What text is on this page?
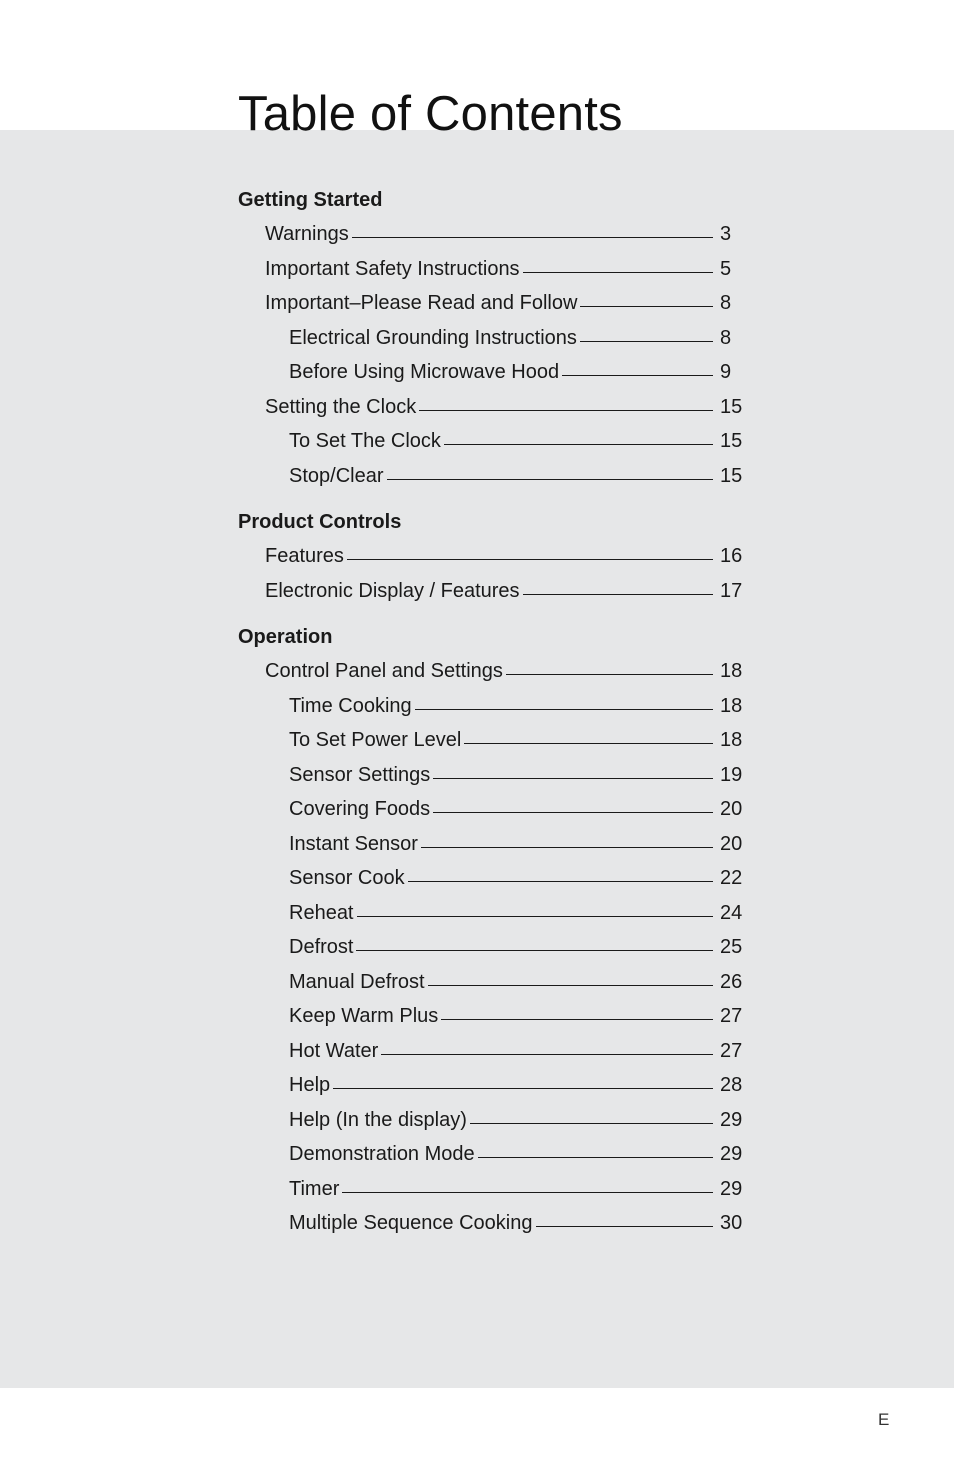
Table of Contents
Getting Started
Warnings	3
Important Safety Instructions	5
Important–Please Read and Follow	8
Electrical Grounding Instructions	8
Before Using Microwave Hood	9
Setting the Clock	15
To Set The Clock	15
Stop/Clear	15
Product Controls
Features	16
Electronic Display / Features	17
Operation
Control Panel and Settings	18
Time Cooking	18
To Set Power Level	18
Sensor Settings	19
Covering Foods	20
Instant Sensor	20
Sensor Cook	22
Reheat	24
Defrost	25
Manual Defrost	26
Keep Warm Plus	27
Hot Water	27
Help	28
Help (In the display)	29
Demonstration Mode	29
Timer	29
Multiple Sequence Cooking	30
E
